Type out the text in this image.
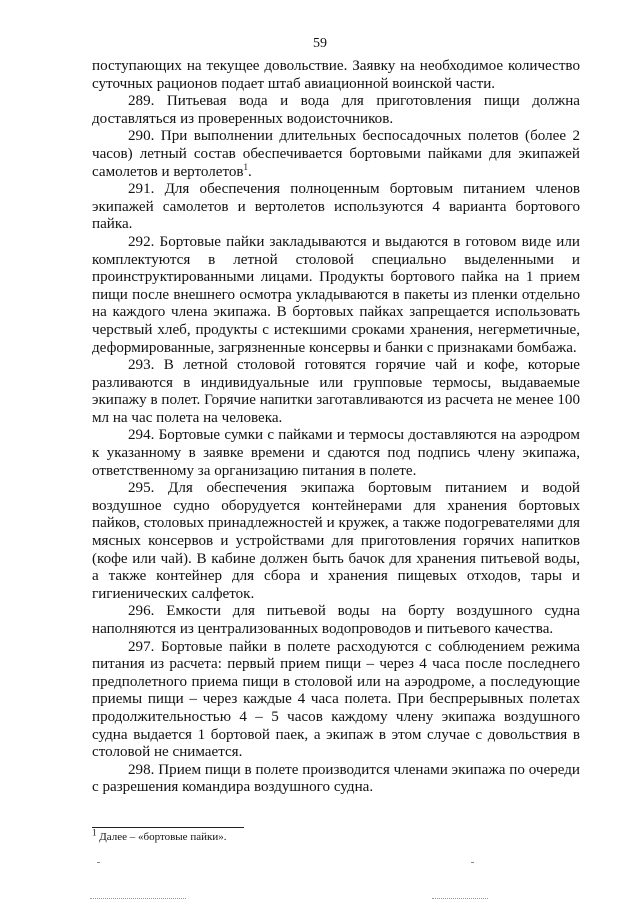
59

поступающих на текущее довольствие. Заявку на необходимое количество суточных рационов подает штаб авиационной воинской части.

289. Питьевая вода и вода для приготовления пищи должна доставляться из проверенных водоисточников.

290. При выполнении длительных беспосадочных полетов (более 2 часов) летный состав обеспечивается бортовыми пайками для экипажей самолетов и вертолетов$^1$.

291. Для обеспечения полноценным бортовым питанием членов экипажей самолетов и вертолетов используются 4 варианта бортового пайка.

292. Бортовые пайки закладываются и выдаются в готовом виде или комплектуются в летной столовой специально выделенными и проинструктированными лицами. Продукты бортового пайка на 1 прием пищи после внешнего осмотра укладываются в пакеты из пленки отдельно на каждого члена экипажа. В бортовых пайках запрещается использовать черствый хлеб, продукты с истекшими сроками хранения, негерметичные, деформированные, загрязненные консервы и банки с признаками бомбажа.

293. В летной столовой готовятся горячие чай и кофе, которые разливаются в индивидуальные или групповые термосы, выдаваемые экипажу в полет. Горячие напитки заготавливаются из расчета не менее 100 мл на час полета на человека.

294. Бортовые сумки с пайками и термосы доставляются на аэродром к указанному в заявке времени и сдаются под подпись члену экипажа, ответственному за организацию питания в полете.

295. Для обеспечения экипажа бортовым питанием и водой воздушное судно оборудуется контейнерами для хранения бортовых пайков, столовых принадлежностей и кружек, а также подогревателями для мясных консервов и устройствами для приготовления горячих напитков (кофе или чай). В кабине должен быть бачок для хранения питьевой воды, а также контейнер для сбора и хранения пищевых отходов, тары и гигиенических салфеток.

296. Емкости для питьевой воды на борту воздушного судна наполняются из централизованных водопроводов и питьевого качества.

297. Бортовые пайки в полете расходуются с соблюдением режима питания из расчета: первый прием пищи – через 4 часа после последнего предполетного приема пищи в столовой или на аэродроме, а последующие приемы пищи – через каждые 4 часа полета. При беспрерывных полетах продолжительностью 4 – 5 часов каждому члену экипажа воздушного судна выдается 1 бортовой паек, а экипаж в этом случае с довольствия в столовой не снимается.

298. Прием пищи в полете производится членами экипажа по очереди с разрешения командира воздушного судна.

$^1$ Далее – «бортовые пайки».
